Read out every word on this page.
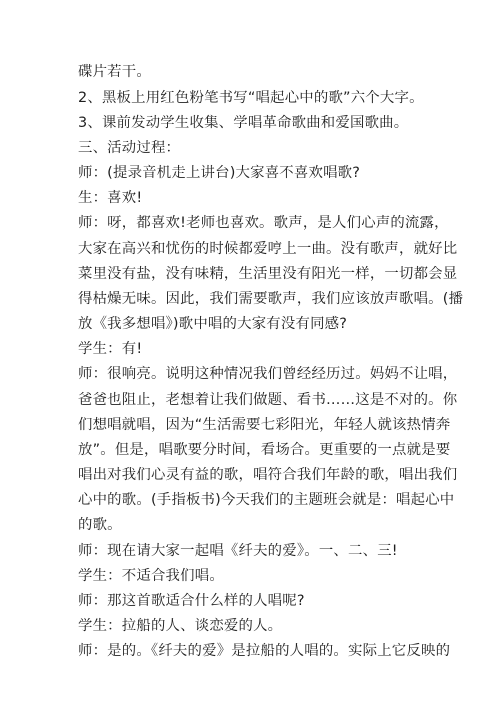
碟片若干。
2、黑板上用红色粉笔书写“唱起心中的歌”六个大字。
3、课前发动学生收集、学唱革命歌曲和爱国歌曲。
三、活动过程：
师：(提录音机走上讲台)大家喜不喜欢唱歌?
生：喜欢!
师：呀，都喜欢!老师也喜欢。歌声，是人们心声的流露，
大家在高兴和忧伤的时候都爱哼上一曲。没有歌声，就好比
菜里没有盐，没有味精，生活里没有阳光一样，一切都会显
得枯燥无味。因此，我们需要歌声，我们应该放声歌唱。(播
放《我多想唱》)歌中唱的大家有没有同感?
学生：有!
师：很响亮。说明这种情况我们曾经经历过。妈妈不让唱，
爸爸也阻止，老想着让我们做题、看书……这是不对的。你
们想唱就唱，因为“生活需要七彩阳光，年轻人就该热情奔
放”。但是，唱歌要分时间，看场合。更重要的一点就是要
唱出对我们心灵有益的歌，唱符合我们年龄的歌，唱出我们
心中的歌。(手指板书)今天我们的主题班会就是：唱起心中
的歌。
师：现在请大家一起唱《纤夫的爱》。一、二、三!
学生：不适合我们唱。
师：那这首歌适合什么样的人唱呢?
学生：拉船的人、谈恋爱的人。
师：是的。《纤夫的爱》是拉船的人唱的。实际上它反映的
